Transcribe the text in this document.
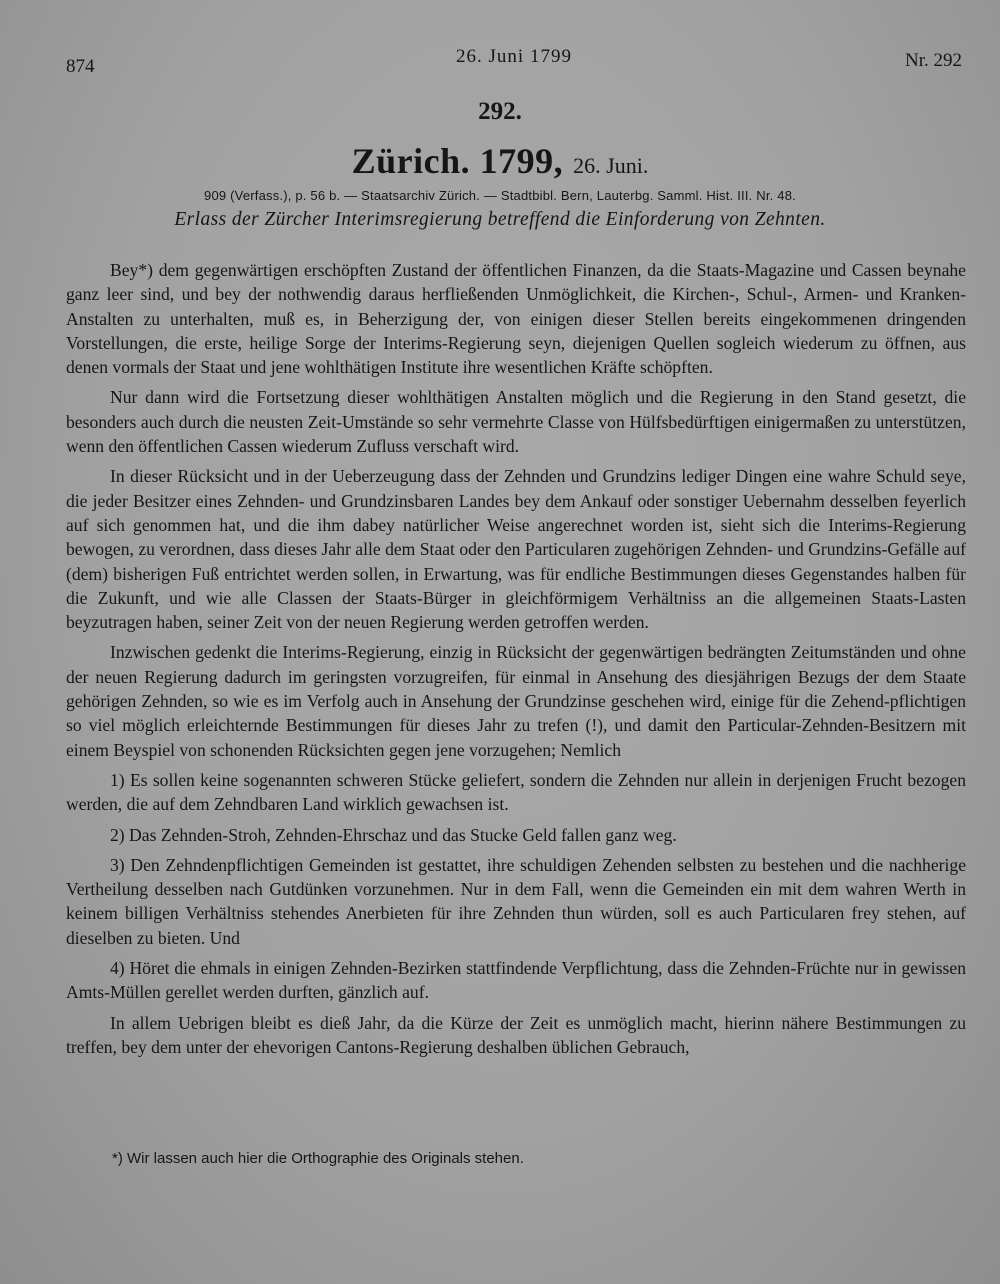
874	26. Juni 1799	Nr. 292
292.
Zürich. 1799, 26. Juni.
909 (Verfass.), p. 56 b. — Staatsarchiv Zürich. — Stadtbibl. Bern, Lauterbg. Samml. Hist. III. Nr. 48.
Erlass der Zürcher Interimsregierung betreffend die Einforderung von Zehnten.

Bey*) dem gegenwärtigen erschöpften Zustand der öffentlichen Finanzen, da die Staats-Magazine und Cassen beynahe ganz leer sind, und bey der nothwendig daraus herfließenden Unmöglichkeit, die Kirchen-, Schul-, Armen- und Kranken-Anstalten zu unterhalten, muß es, in Beherzigung der, von einigen dieser Stellen bereits eingekommenen dringenden Vorstellungen, die erste, heilige Sorge der Interims-Regierung seyn, diejenigen Quellen sogleich wiederum zu öffnen, aus denen vormals der Staat und jene wohlthätigen Institute ihre wesentlichen Kräfte schöpften.

Nur dann wird die Fortsetzung dieser wohlthätigen Anstalten möglich und die Regierung in den Stand gesetzt, die besonders auch durch die neusten Zeit-Umstände so sehr vermehrte Classe von Hülfsbedürftigen einigermaßen zu unterstützen, wenn den öffentlichen Cassen wiederum Zufluss verschaft wird.

In dieser Rücksicht und in der Ueberzeugung dass der Zehnden und Grundzins lediger Dingen eine wahre Schuld seye, die jeder Besitzer eines Zehnden- und Grundzinsbaren Landes bey dem Ankauf oder sonstiger Uebernahm desselben feyerlich auf sich genommen hat, und die ihm dabey natürlicher Weise angerechnet worden ist, sieht sich die Interims-Regierung bewogen, zu verordnen, dass dieses Jahr alle dem Staat oder den Particularen zugehörigen Zehnden- und Grundzins-Gefälle auf (dem) bisherigen Fuß entrichtet werden sollen, in Erwartung, was für endliche Bestimmungen dieses Gegenstandes halben für die Zukunft, und wie alle Classen der Staats-Bürger in gleichförmigem Verhältniss an die allgemeinen Staats-Lasten beyzutragen haben, seiner Zeit von der neuen Regierung werden getroffen werden.

Inzwischen gedenkt die Interims-Regierung, einzig in Rücksicht der gegenwärtigen bedrängten Zeitumständen und ohne der neuen Regierung dadurch im geringsten vorzugreifen, für einmal in Ansehung des diesjährigen Bezugs der dem Staate gehörigen Zehnden, so wie es im Verfolg auch in Ansehung der Grundzinse geschehen wird, einige für die Zehend-pflichtigen so viel möglich erleichternde Bestimmungen für dieses Jahr zu trefen (!), und damit den Particular-Zehnden-Besitzern mit einem Beyspiel von schonenden Rücksichten gegen jene vorzugehen; Nemlich

1) Es sollen keine sogenannten schweren Stücke geliefert, sondern die Zehnden nur allein in derjenigen Frucht bezogen werden, die auf dem Zehndbaren Land wirklich gewachsen ist.

2) Das Zehnden-Stroh, Zehnden-Ehrschaz und das Stucke Geld fallen ganz weg.

3) Den Zehndenpflichtigen Gemeinden ist gestattet, ihre schuldigen Zehenden selbsten zu bestehen und die nachherige Vertheilung desselben nach Gutdünken vorzunehmen. Nur in dem Fall, wenn die Gemeinden ein mit dem wahren Werth in keinem billigen Verhältniss stehendes Anerbieten für ihre Zehnden thun würden, soll es auch Particularen frey stehen, auf dieselben zu bieten. Und

4) Höret die ehmals in einigen Zehnden-Bezirken stattfindende Verpflichtung, dass die Zehnden-Früchte nur in gewissen Amts-Müllen gerellet werden durften, gänzlich auf.

In allem Uebrigen bleibt es dieß Jahr, da die Kürze der Zeit es unmöglich macht, hierinn nähere Bestimmungen zu treffen, bey dem unter der ehevorigen Cantons-Regierung deshalben üblichen Gebrauch,

*) Wir lassen auch hier die Orthographie des Originals stehen.
